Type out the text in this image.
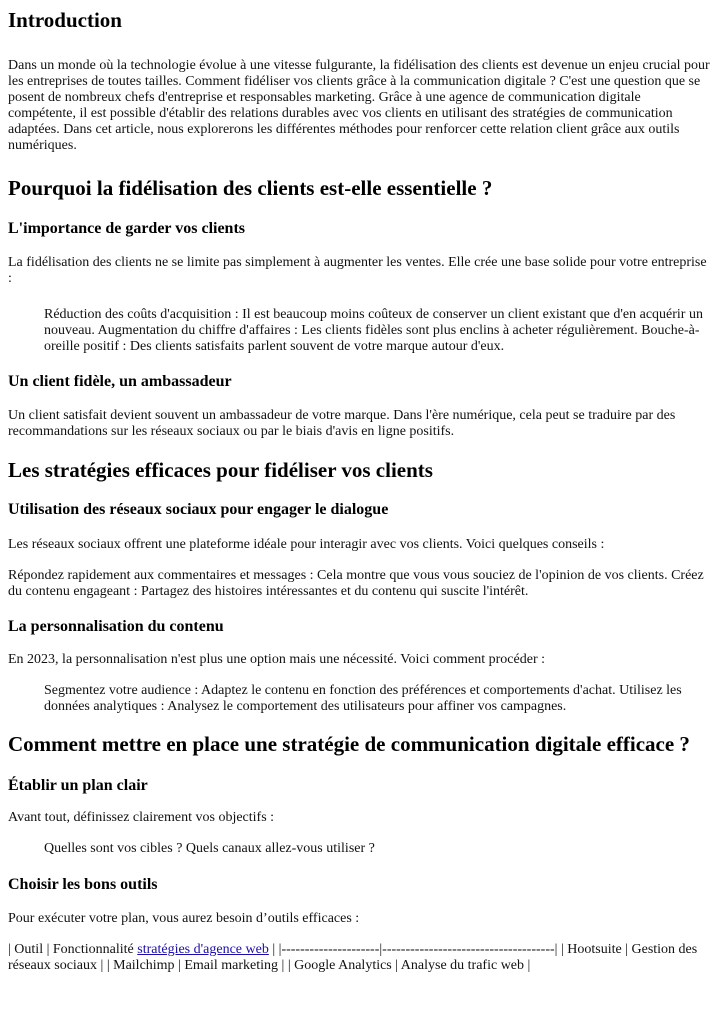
Introduction

Dans un monde où la technologie évolue à une vitesse fulgurante, la fidélisation des clients est devenue un enjeu crucial pour les entreprises de toutes tailles. Comment fidéliser vos clients grâce à la communication digitale ? C'est une question que se posent de nombreux chefs d'entreprise et responsables marketing. Grâce à une agence de communication digitale compétente, il est possible d'établir des relations durables avec vos clients en utilisant des stratégies de communication adaptées. Dans cet article, nous explorerons les différentes méthodes pour renforcer cette relation client grâce aux outils numériques.

Pourquoi la fidélisation des clients est-elle essentielle ?
L'importance de garder vos clients

La fidélisation des clients ne se limite pas simplement à augmenter les ventes. Elle crée une base solide pour votre entreprise :

Réduction des coûts d'acquisition : Il est beaucoup moins coûteux de conserver un client existant que d'en acquérir un nouveau. Augmentation du chiffre d'affaires : Les clients fidèles sont plus enclins à acheter régulièrement. Bouche-à-oreille positif : Des clients satisfaits parlent souvent de votre marque autour d'eux.
Un client fidèle, un ambassadeur

Un client satisfait devient souvent un ambassadeur de votre marque. Dans l'ère numérique, cela peut se traduire par des recommandations sur les réseaux sociaux ou par le biais d'avis en ligne positifs.

Les stratégies efficaces pour fidéliser vos clients
Utilisation des réseaux sociaux pour engager le dialogue

Les réseaux sociaux offrent une plateforme idéale pour interagir avec vos clients. Voici quelques conseils :

Répondez rapidement aux commentaires et messages : Cela montre que vous vous souciez de l'opinion de vos clients. Créez du contenu engageant : Partagez des histoires intéressantes et du contenu qui suscite l'intérêt.

La personnalisation du contenu

En 2023, la personnalisation n'est plus une option mais une nécessité. Voici comment procéder :

Segmentez votre audience : Adaptez le contenu en fonction des préférences et comportements d'achat. Utilisez les données analytiques : Analysez le comportement des utilisateurs pour affiner vos campagnes.
Comment mettre en place une stratégie de communication digitale efficace ?
Établir un plan clair

Avant tout, définissez clairement vos objectifs :

Quelles sont vos cibles ? Quels canaux allez-vous utiliser ?
Choisir les bons outils

Pour exécuter votre plan, vous aurez besoin d’outils efficaces :

| Outil | Fonctionnalité stratégies d'agence web | |---------------------|-------------------------------------| | Hootsuite | Gestion des réseaux sociaux | | Mailchimp | Email marketing | | Google Analytics | Analyse du trafic web |
